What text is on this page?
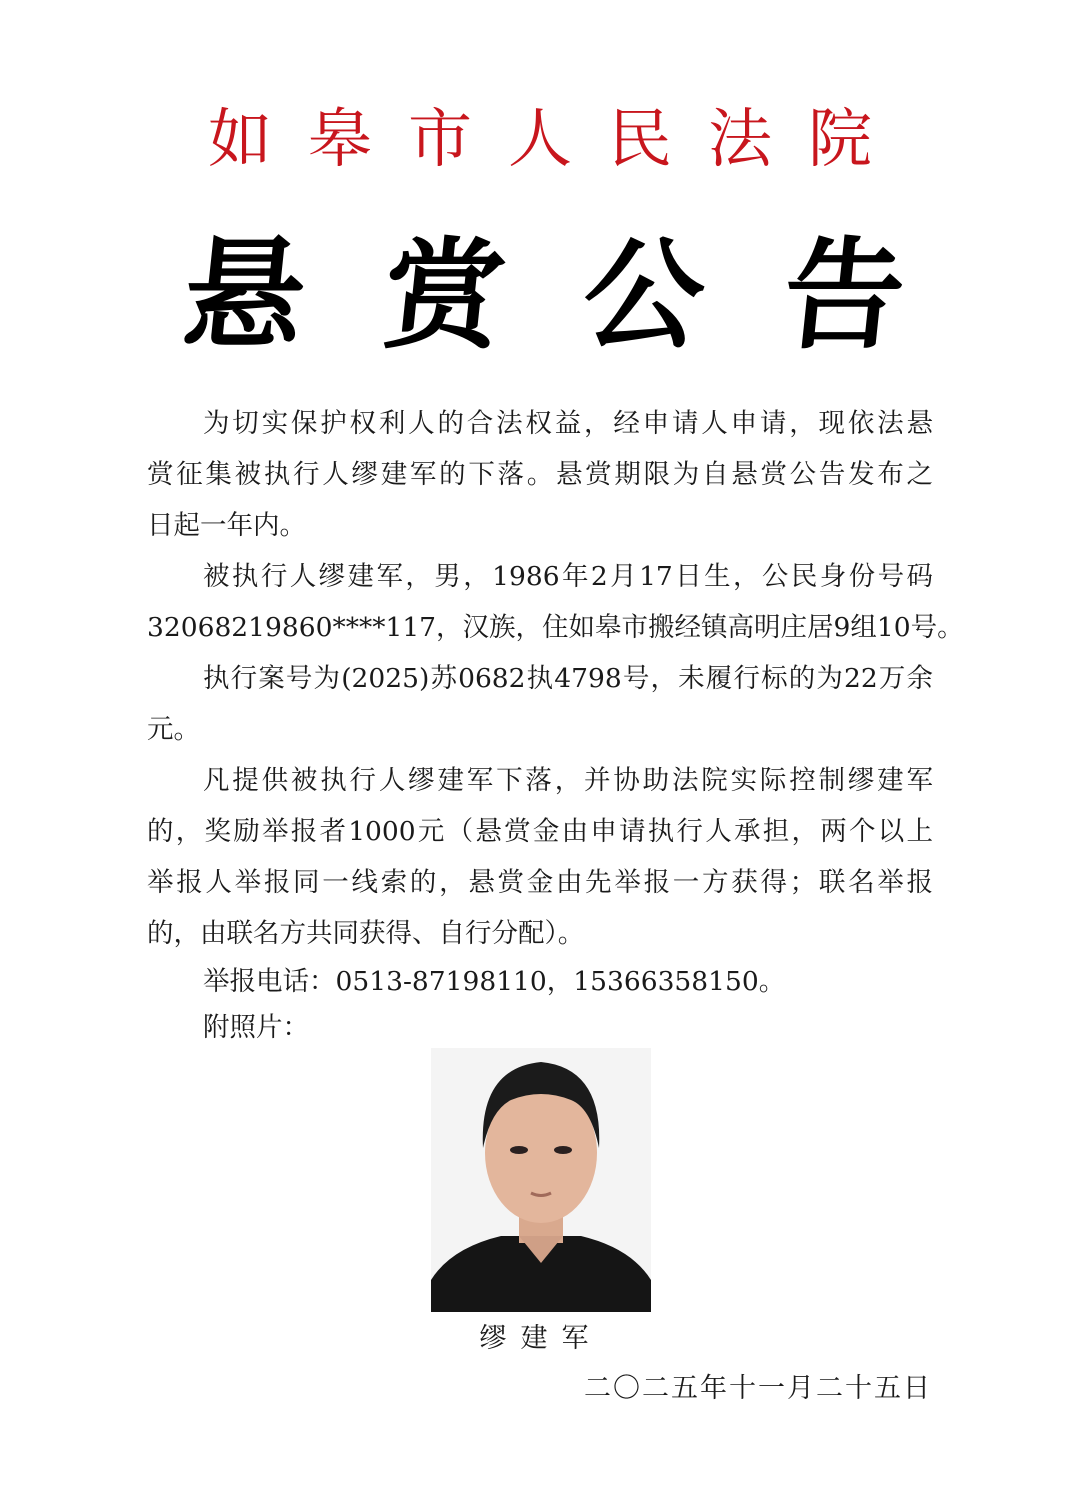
如皋市人民法院
悬 赏 公 告
为切实保护权利人的合法权益，经申请人申请，现依法悬
赏征集被执行人缪建军的下落。悬赏期限为自悬赏公告发布之
日起一年内。
被执行人缪建军，男，1986年2月17日生，公民身份号码
32068219860****117，汉族，住如皋市搬经镇高明庄居9组10号。
执行案号为(2025)苏0682执4798号，未履行标的为22万余
元。
凡提供被执行人缪建军下落，并协助法院实际控制缪建军
的，奖励举报者1000元（悬赏金由申请执行人承担，两个以上
举报人举报同一线索的，悬赏金由先举报一方获得；联名举报
的，由联名方共同获得、自行分配）。
举报电话：0513-87198110，15366358150。
附照片：
缪建军
二〇二五年十一月二十五日
